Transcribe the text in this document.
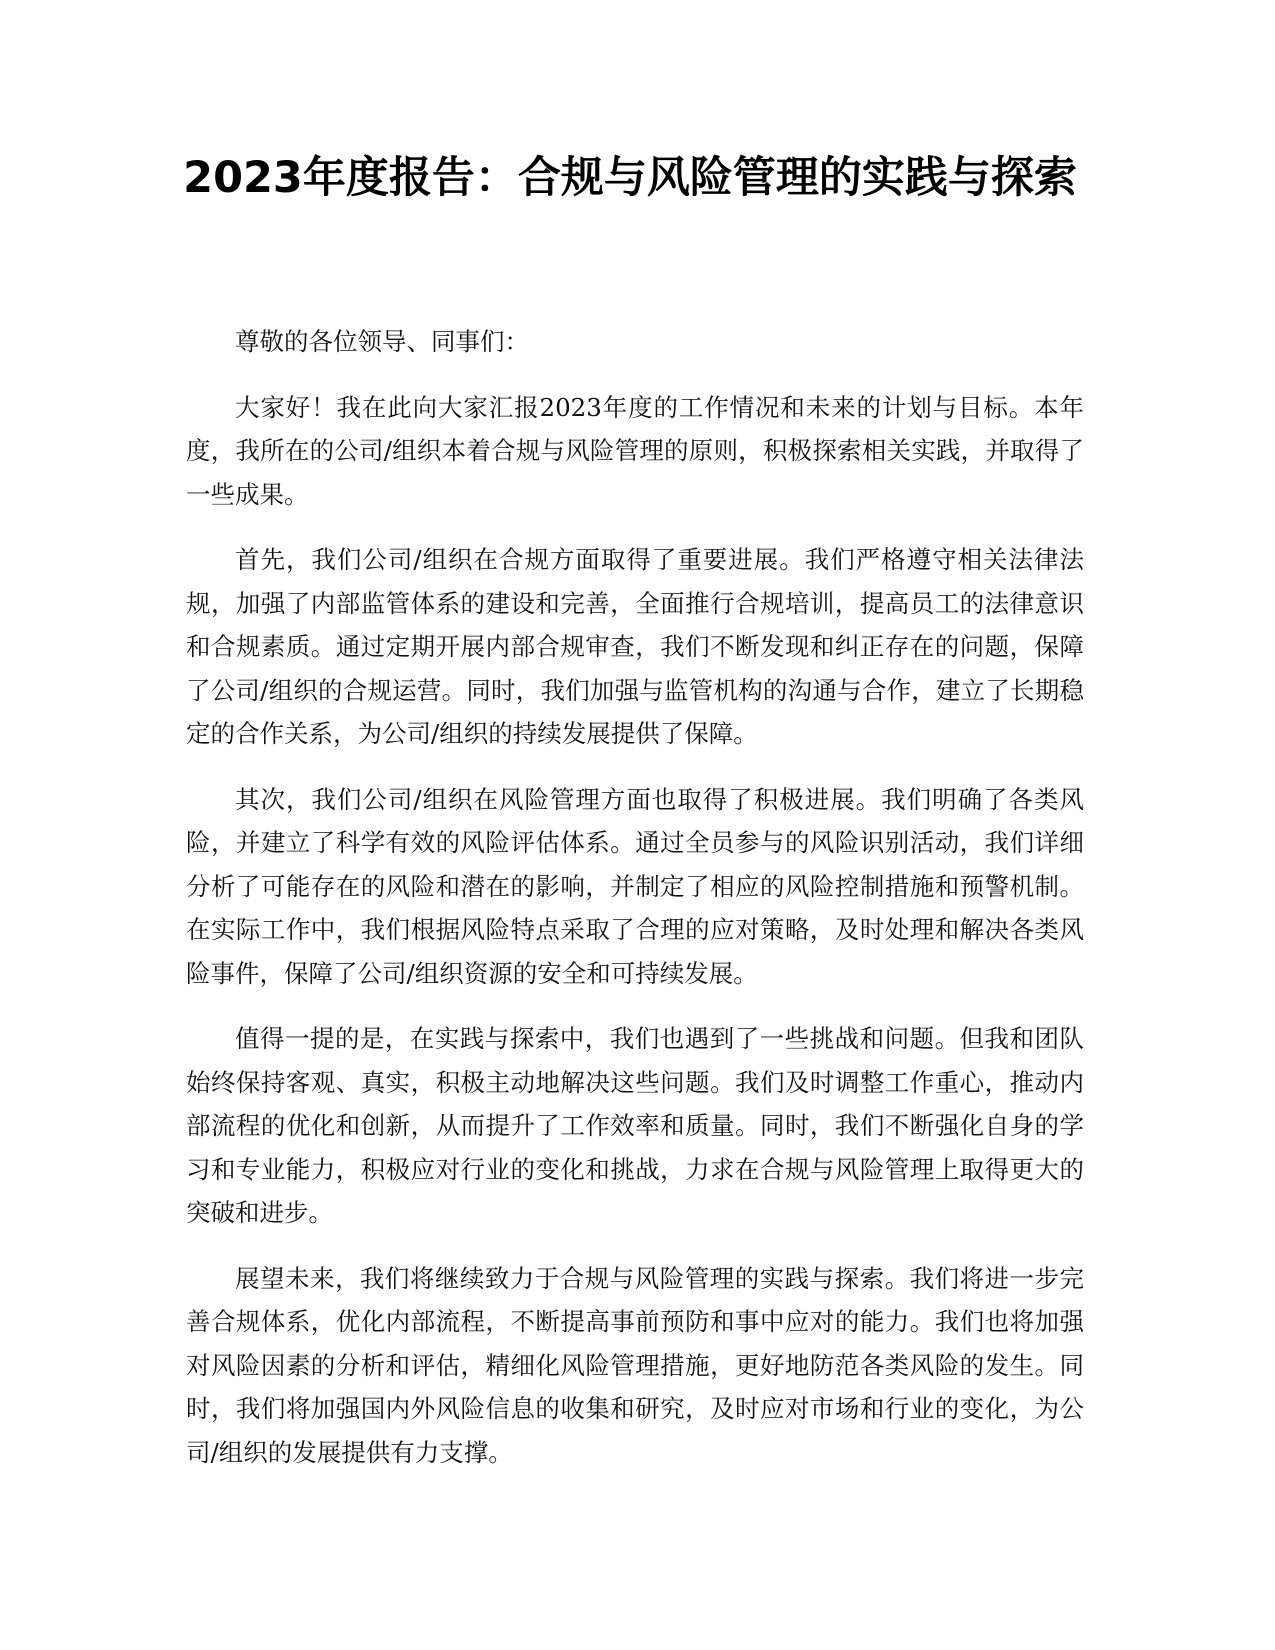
2023年度报告：合规与风险管理的实践与探索

尊敬的各位领导、同事们：

大家好！我在此向大家汇报2023年度的工作情况和未来的计划与目标。本年度，我所在的公司/组织本着合规与风险管理的原则，积极探索相关实践，并取得了一些成果。

首先，我们公司/组织在合规方面取得了重要进展。我们严格遵守相关法律法规，加强了内部监管体系的建设和完善，全面推行合规培训，提高员工的法律意识和合规素质。通过定期开展内部合规审查，我们不断发现和纠正存在的问题，保障了公司/组织的合规运营。同时，我们加强与监管机构的沟通与合作，建立了长期稳定的合作关系，为公司/组织的持续发展提供了保障。

其次，我们公司/组织在风险管理方面也取得了积极进展。我们明确了各类风险，并建立了科学有效的风险评估体系。通过全员参与的风险识别活动，我们详细分析了可能存在的风险和潜在的影响，并制定了相应的风险控制措施和预警机制。在实际工作中，我们根据风险特点采取了合理的应对策略，及时处理和解决各类风险事件，保障了公司/组织资源的安全和可持续发展。

值得一提的是，在实践与探索中，我们也遇到了一些挑战和问题。但我和团队始终保持客观、真实，积极主动地解决这些问题。我们及时调整工作重心，推动内部流程的优化和创新，从而提升了工作效率和质量。同时，我们不断强化自身的学习和专业能力，积极应对行业的变化和挑战，力求在合规与风险管理上取得更大的突破和进步。

展望未来，我们将继续致力于合规与风险管理的实践与探索。我们将进一步完善合规体系，优化内部流程，不断提高事前预防和事中应对的能力。我们也将加强对风险因素的分析和评估，精细化风险管理措施，更好地防范各类风险的发生。同时，我们将加强国内外风险信息的收集和研究，及时应对市场和行业的变化，为公司/组织的发展提供有力支撑。
